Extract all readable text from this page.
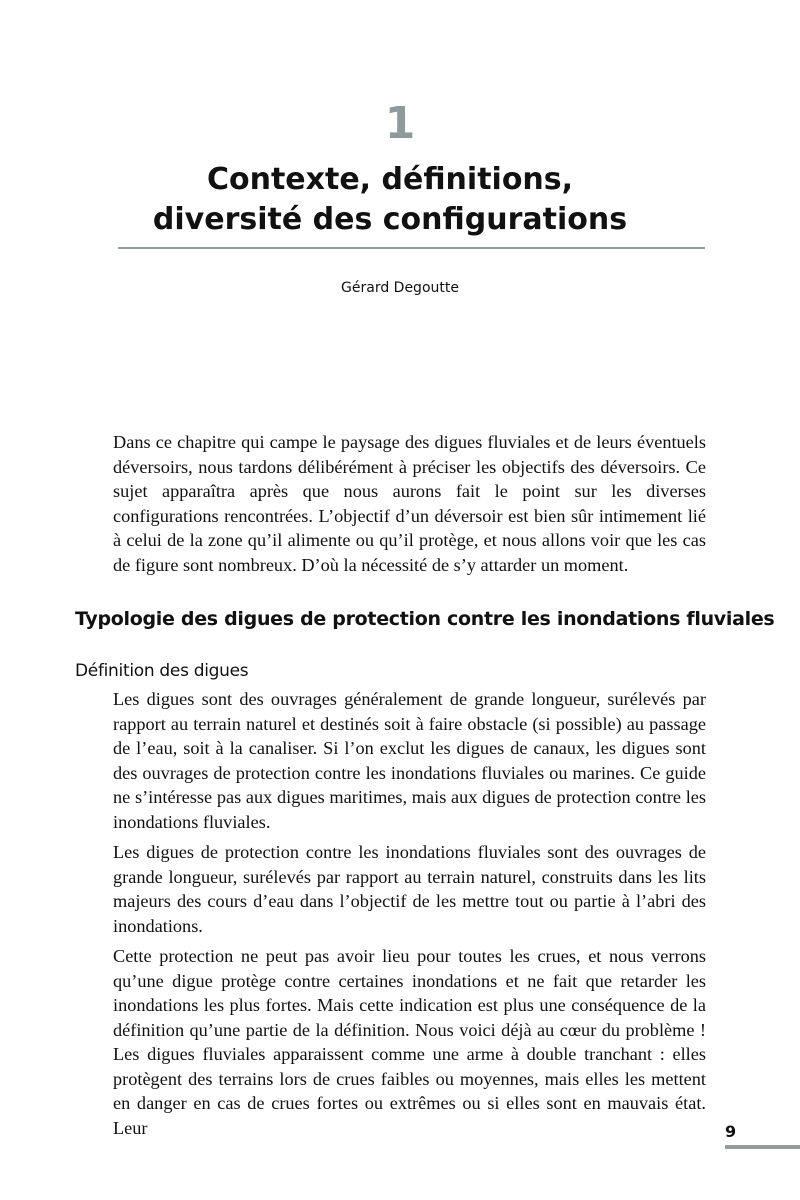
1
Contexte, définitions,
diversité des configurations
Gérard Degoutte

Dans ce chapitre qui campe le paysage des digues fluviales et de leurs éventuels déversoirs, nous tardons délibérément à préciser les objectifs des déversoirs. Ce sujet apparaîtra après que nous aurons fait le point sur les diverses configurations rencontrées. L’objectif d’un déversoir est bien sûr intimement lié à celui de la zone qu’il alimente ou qu’il protège, et nous allons voir que les cas de figure sont nombreux. D’où la nécessité de s’y attarder un moment.

Typologie des digues de protection contre les inondations fluviales
Définition des digues

Les digues sont des ouvrages généralement de grande longueur, surélevés par rapport au terrain naturel et destinés soit à faire obstacle (si possible) au passage de l’eau, soit à la canaliser. Si l’on exclut les digues de canaux, les digues sont des ouvrages de protection contre les inondations fluviales ou marines. Ce guide ne s’intéresse pas aux digues maritimes, mais aux digues de protection contre les inondations fluviales.

Les digues de protection contre les inondations fluviales sont des ouvrages de grande longueur, surélevés par rapport au terrain naturel, construits dans les lits majeurs des cours d’eau dans l’objectif de les mettre tout ou partie à l’abri des inondations.

Cette protection ne peut pas avoir lieu pour toutes les crues, et nous verrons qu’une digue protège contre certaines inondations et ne fait que retarder les inondations les plus fortes. Mais cette indication est plus une conséquence de la définition qu’une partie de la définition. Nous voici déjà au cœur du problème ! Les digues fluviales apparaissent comme une arme à double tranchant : elles protègent des terrains lors de crues faibles ou moyennes, mais elles les mettent en danger en cas de crues fortes ou extrêmes ou si elles sont en mauvais état. Leur	9
